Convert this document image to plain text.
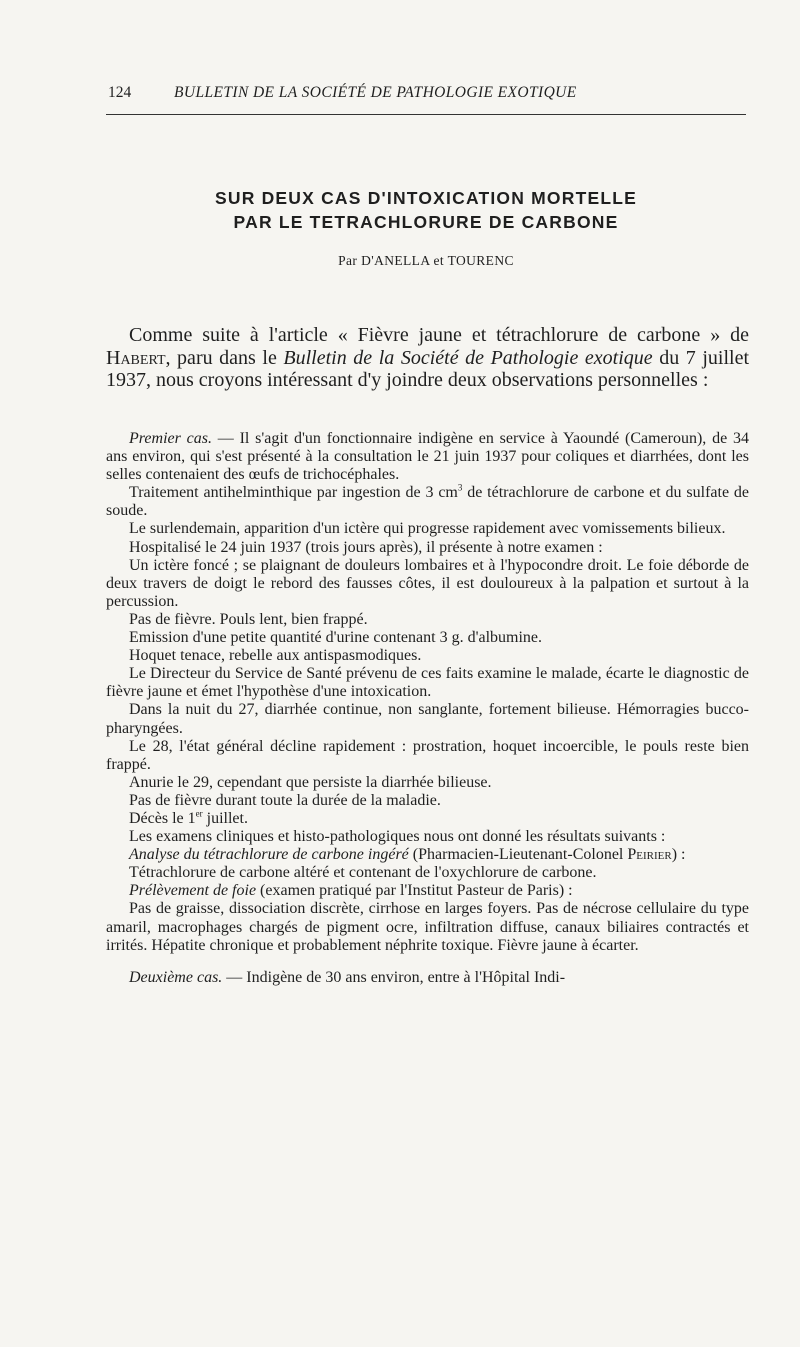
124	BULLETIN DE LA SOCIÉTÉ DE PATHOLOGIE EXOTIQUE
SUR DEUX CAS D'INTOXICATION MORTELLE
PAR LE TETRACHLORURE DE CARBONE
Par D'ANELLA et TOURENC

Comme suite à l'article « Fièvre jaune et tétrachlorure de carbone » de Habert, paru dans le Bulletin de la Société de Pathologie exotique du 7 juillet 1937, nous croyons intéressant d'y joindre deux observations personnelles :

Premier cas. — Il s'agit d'un fonctionnaire indigène en service à Yaoundé (Cameroun), de 34 ans environ, qui s'est présenté à la consultation le 21 juin 1937 pour coliques et diarrhées, dont les selles contenaient des œufs de trichocéphales.

Traitement antihelminthique par ingestion de 3 $cm^3$ de tétrachlorure de carbone et du sulfate de soude.

Le surlendemain, apparition d'un ictère qui progresse rapidement avec vomissements bilieux.

Hospitalisé le 24 juin 1937 (trois jours après), il présente à notre examen :

Un ictère foncé ; se plaignant de douleurs lombaires et à l'hypocondre droit. Le foie déborde de deux travers de doigt le rebord des fausses côtes, il est douloureux à la palpation et surtout à la percussion.

Pas de fièvre. Pouls lent, bien frappé.

Emission d'une petite quantité d'urine contenant 3 g. d'albumine.

Hoquet tenace, rebelle aux antispasmodiques.

Le Directeur du Service de Santé prévenu de ces faits examine le malade, écarte le diagnostic de fièvre jaune et émet l'hypothèse d'une intoxication.

Dans la nuit du 27, diarrhée continue, non sanglante, fortement bilieuse. Hémorragies bucco-pharyngées.

Le 28, l'état général décline rapidement : prostration, hoquet incoercible, le pouls reste bien frappé.

Anurie le 29, cependant que persiste la diarrhée bilieuse.

Pas de fièvre durant toute la durée de la maladie.

Décès le 1er juillet.

Les examens cliniques et histo-pathologiques nous ont donné les résultats suivants :

Analyse du tétrachlorure de carbone ingéré (Pharmacien-Lieutenant-Colonel Peirier) :

Tétrachlorure de carbone altéré et contenant de l'oxychlorure de carbone.

Prélèvement de foie (examen pratiqué par l'Institut Pasteur de Paris) :

Pas de graisse, dissociation discrète, cirrhose en larges foyers. Pas de nécrose cellulaire du type amaril, macrophages chargés de pigment ocre, infiltration diffuse, canaux biliaires contractés et irrités. Hépatite chronique et probablement néphrite toxique. Fièvre jaune à écarter.

Deuxième cas. — Indigène de 30 ans environ, entre à l'Hôpital Indi-
